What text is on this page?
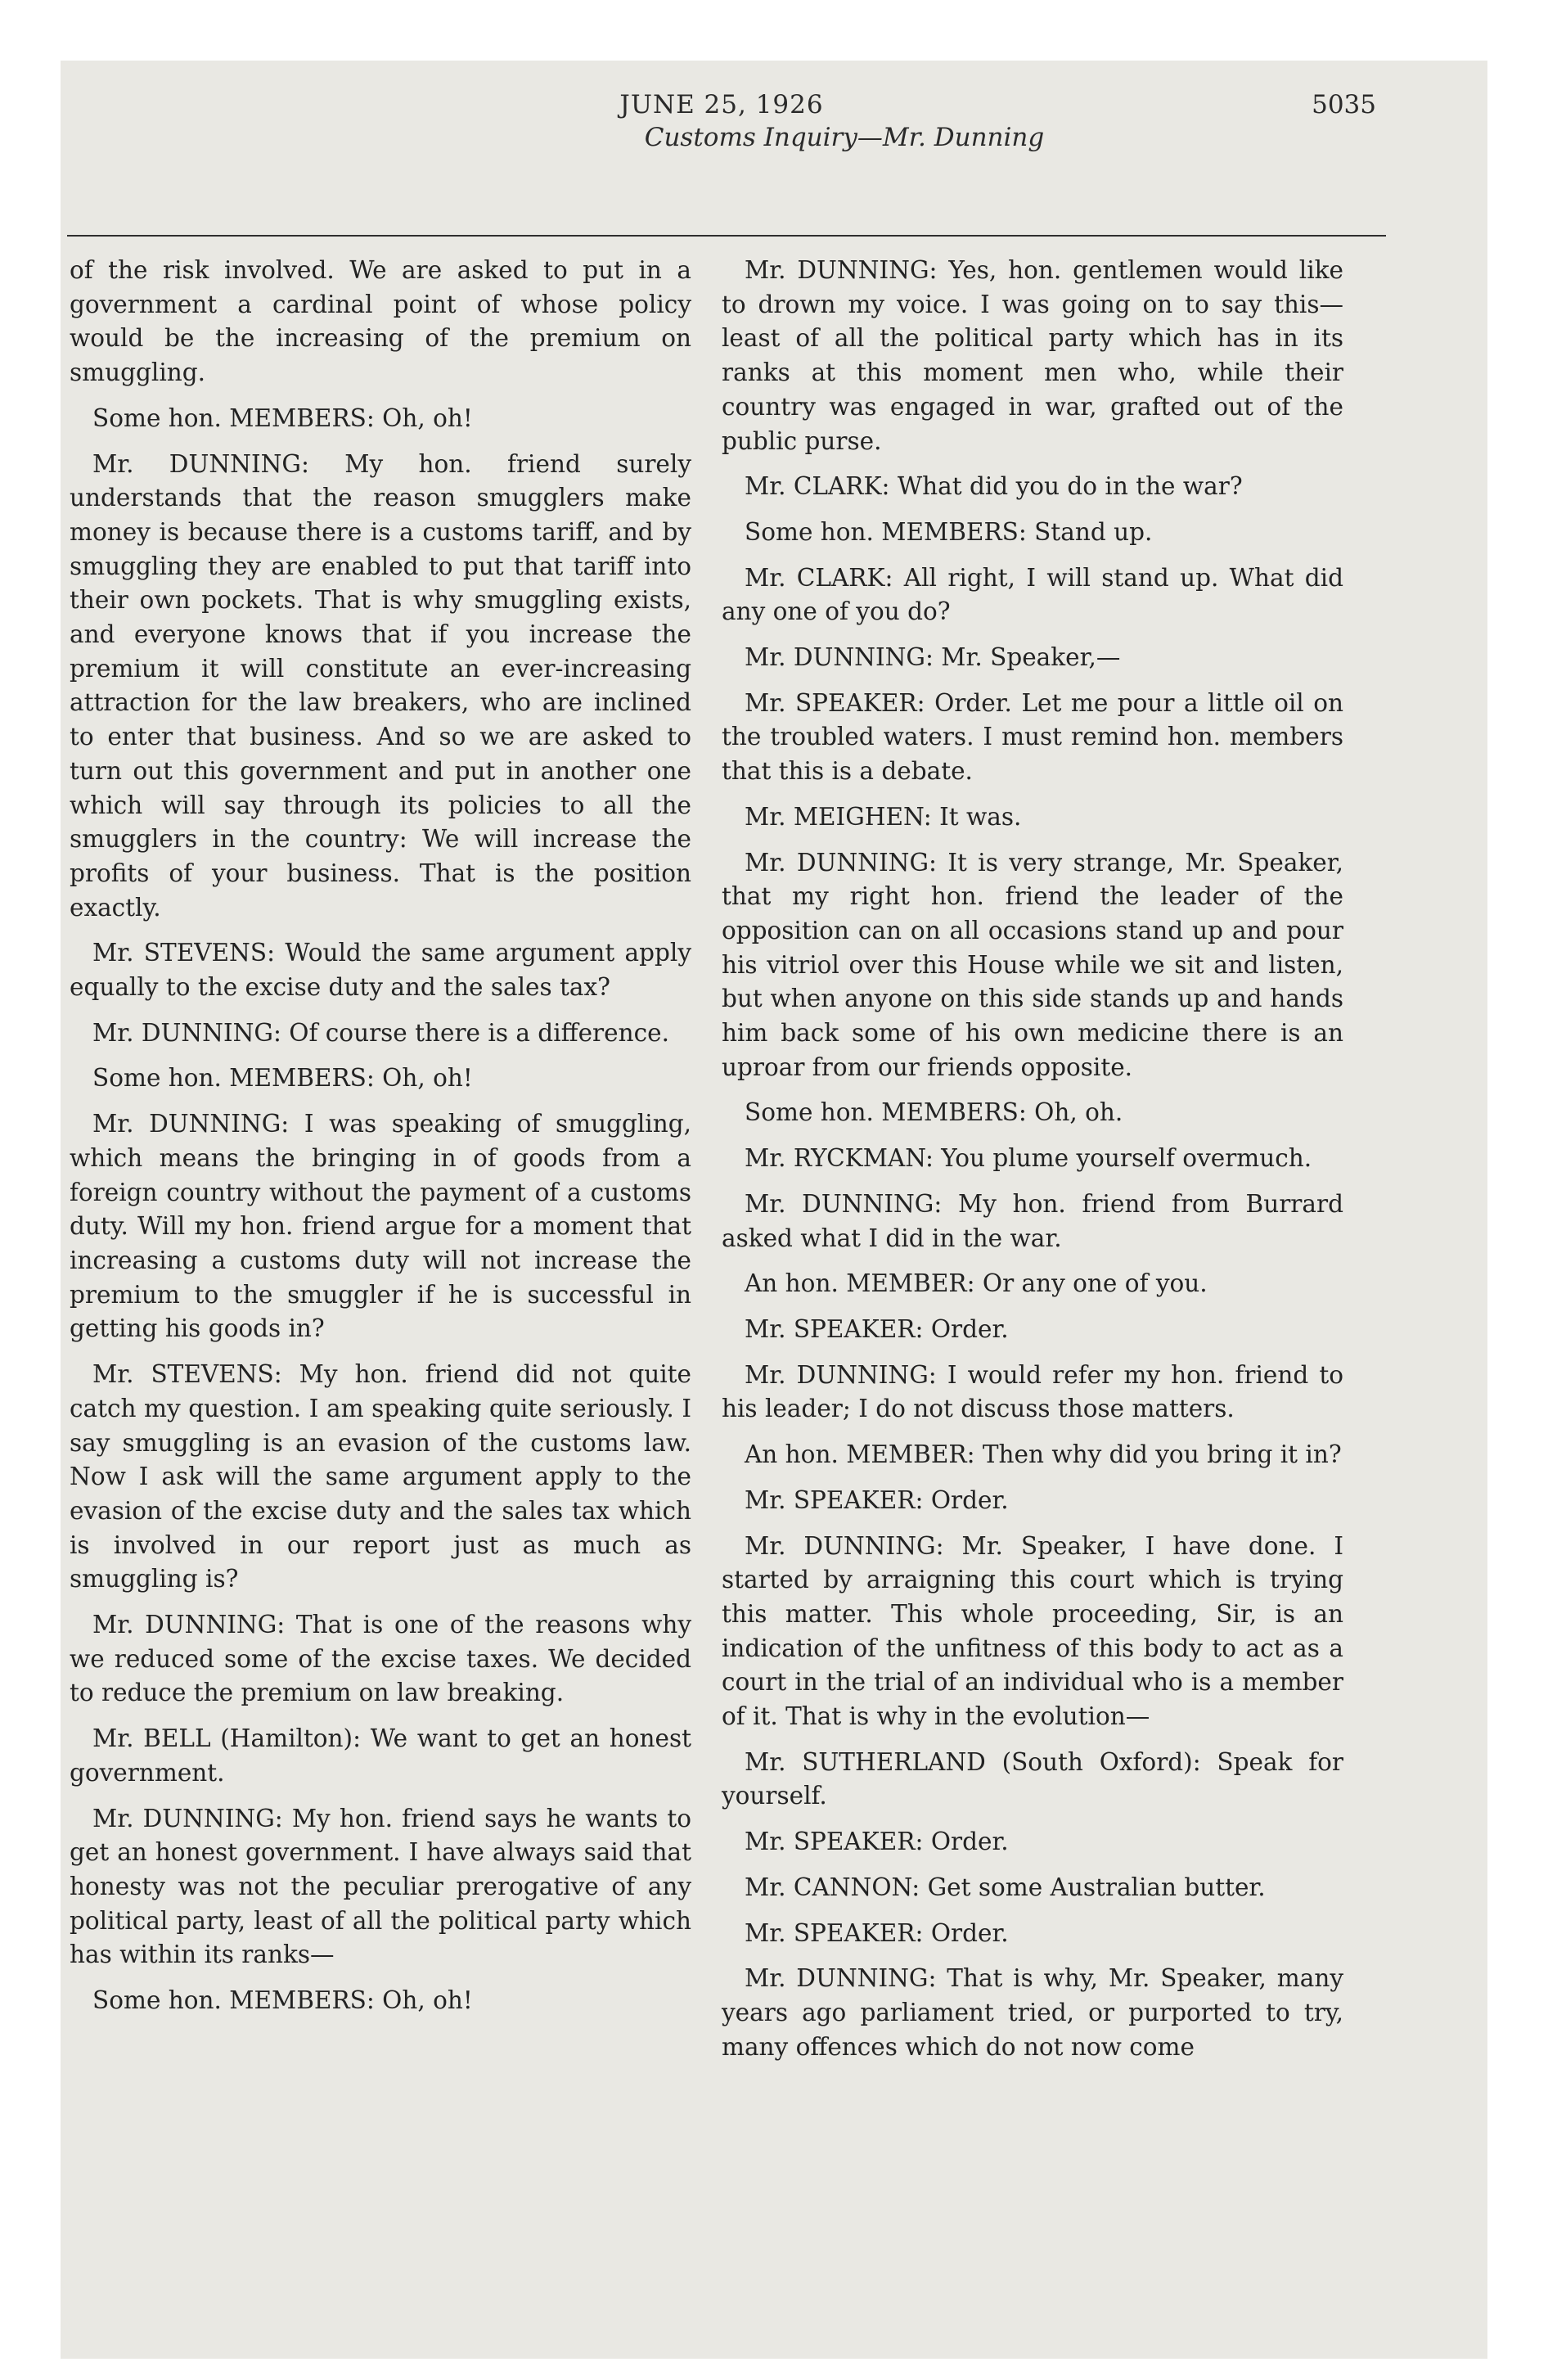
JUNE 25, 1926	5035
Customs Inquiry—Mr. Dunning

of the risk involved. We are asked to put in a government a cardinal point of whose policy would be the increasing of the premium on smuggling.

Some hon. MEMBERS: Oh, oh!

Mr. DUNNING: My hon. friend surely understands that the reason smugglers make money is because there is a customs tariff, and by smuggling they are enabled to put that tariff into their own pockets. That is why smuggling exists, and everyone knows that if you increase the premium it will constitute an ever-increasing attraction for the law breakers, who are inclined to enter that business. And so we are asked to turn out this government and put in another one which will say through its policies to all the smugglers in the country: We will increase the profits of your business. That is the position exactly.

Mr. STEVENS: Would the same argument apply equally to the excise duty and the sales tax?

Mr. DUNNING: Of course there is a difference.

Some hon. MEMBERS: Oh, oh!

Mr. DUNNING: I was speaking of smuggling, which means the bringing in of goods from a foreign country without the payment of a customs duty. Will my hon. friend argue for a moment that increasing a customs duty will not increase the premium to the smuggler if he is successful in getting his goods in?

Mr. STEVENS: My hon. friend did not quite catch my question. I am speaking quite seriously. I say smuggling is an evasion of the customs law. Now I ask will the same argument apply to the evasion of the excise duty and the sales tax which is involved in our report just as much as smuggling is?

Mr. DUNNING: That is one of the reasons why we reduced some of the excise taxes. We decided to reduce the premium on law breaking.

Mr. BELL (Hamilton): We want to get an honest government.

Mr. DUNNING: My hon. friend says he wants to get an honest government. I have always said that honesty was not the peculiar prerogative of any political party, least of all the political party which has within its ranks—

Some hon. MEMBERS: Oh, oh!

Mr. DUNNING: Yes, hon. gentlemen would like to drown my voice. I was going on to say this—least of all the political party which has in its ranks at this moment men who, while their country was engaged in war, grafted out of the public purse.

Mr. CLARK: What did you do in the war?

Some hon. MEMBERS: Stand up.

Mr. CLARK: All right, I will stand up. What did any one of you do?

Mr. DUNNING: Mr. Speaker,—

Mr. SPEAKER: Order. Let me pour a little oil on the troubled waters. I must remind hon. members that this is a debate.

Mr. MEIGHEN: It was.

Mr. DUNNING: It is very strange, Mr. Speaker, that my right hon. friend the leader of the opposition can on all occasions stand up and pour his vitriol over this House while we sit and listen, but when anyone on this side stands up and hands him back some of his own medicine there is an uproar from our friends opposite.

Some hon. MEMBERS: Oh, oh.

Mr. RYCKMAN: You plume yourself overmuch.

Mr. DUNNING: My hon. friend from Burrard asked what I did in the war.

An hon. MEMBER: Or any one of you.

Mr. SPEAKER: Order.

Mr. DUNNING: I would refer my hon. friend to his leader; I do not discuss those matters.

An hon. MEMBER: Then why did you bring it in?

Mr. SPEAKER: Order.

Mr. DUNNING: Mr. Speaker, I have done. I started by arraigning this court which is trying this matter. This whole proceeding, Sir, is an indication of the unfitness of this body to act as a court in the trial of an individual who is a member of it. That is why in the evolution—

Mr. SUTHERLAND (South Oxford): Speak for yourself.

Mr. SPEAKER: Order.

Mr. CANNON: Get some Australian butter.

Mr. SPEAKER: Order.

Mr. DUNNING: That is why, Mr. Speaker, many years ago parliament tried, or purported to try, many offences which do not now come
